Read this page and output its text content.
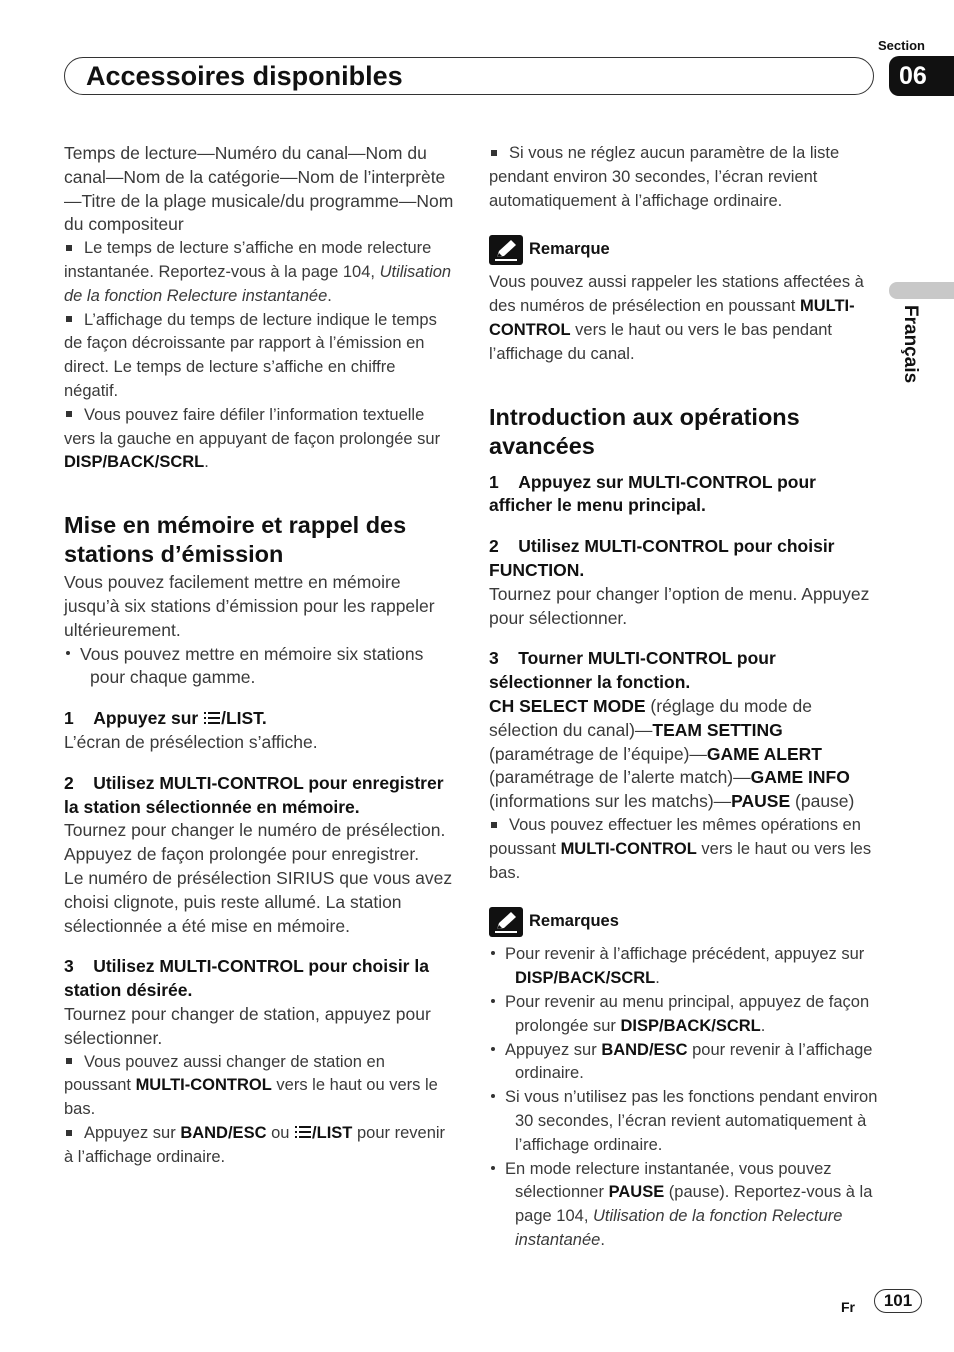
Section
Accessoires disponibles	06
Français

Temps de lecture—Numéro du canal—Nom du canal—Nom de la catégorie—Nom de l’interprète—Titre de la plage musicale/du programme—Nom du compositeur

Le temps de lecture s’affiche en mode relecture instantanée. Reportez-vous à la page 104, Utilisation de la fonction Relecture instantanée.

L’affichage du temps de lecture indique le temps de façon décroissante par rapport à l’émission en direct. Le temps de lecture s’affiche en chiffre négatif.

Vous pouvez faire défiler l’information textuelle vers la gauche en appuyant de façon prolongée sur DISP/BACK/SCRL.

Mise en mémoire et rappel des stations d’émission

Vous pouvez facilement mettre en mémoire jusqu’à six stations d’émission pour les rappeler ultérieurement.

Vous pouvez mettre en mémoire six stations pour chaque gamme.

1 Appuyez sur /LIST.

L’écran de présélection s’affiche.

2 Utilisez MULTI-CONTROL pour enregistrer la station sélectionnée en mémoire.

Tournez pour changer le numéro de présélection. Appuyez de façon prolongée pour enregistrer.

Le numéro de présélection SIRIUS que vous avez choisi clignote, puis reste allumé. La station sélectionnée a été mise en mémoire.

3 Utilisez MULTI-CONTROL pour choisir la station désirée.

Tournez pour changer de station, appuyez pour sélectionner.

Vous pouvez aussi changer de station en poussant MULTI-CONTROL vers le haut ou vers le bas.

Appuyez sur BAND/ESC ou /LIST pour revenir à l’affichage ordinaire.

Si vous ne réglez aucun paramètre de la liste pendant environ 30 secondes, l’écran revient automatiquement à l’affichage ordinaire.

Remarque

Vous pouvez aussi rappeler les stations affectées à des numéros de présélection en poussant MULTI-CONTROL vers le haut ou vers le bas pendant l’affichage du canal.

Introduction aux opérations avancées

1 Appuyez sur MULTI-CONTROL pour afficher le menu principal.

2 Utilisez MULTI-CONTROL pour choisir FUNCTION.

Tournez pour changer l’option de menu. Appuyez pour sélectionner.

3 Tourner MULTI-CONTROL pour sélectionner la fonction.

CH SELECT MODE (réglage du mode de sélection du canal)—TEAM SETTING (paramétrage de l’équipe)—GAME ALERT (paramétrage de l’alerte match)—GAME INFO (informations sur les matchs)—PAUSE (pause)

Vous pouvez effectuer les mêmes opérations en poussant MULTI-CONTROL vers le haut ou vers les bas.

Remarques

Pour revenir à l’affichage précédent, appuyez sur DISP/BACK/SCRL.

Pour revenir au menu principal, appuyez de façon prolongée sur DISP/BACK/SCRL.

Appuyez sur BAND/ESC pour revenir à l’affichage ordinaire.

Si vous n’utilisez pas les fonctions pendant environ 30 secondes, l’écran revient automatiquement à l’affichage ordinaire.

En mode relecture instantanée, vous pouvez sélectionner PAUSE (pause). Reportez-vous à la page 104, Utilisation de la fonction Relecture instantanée.

Fr	101
